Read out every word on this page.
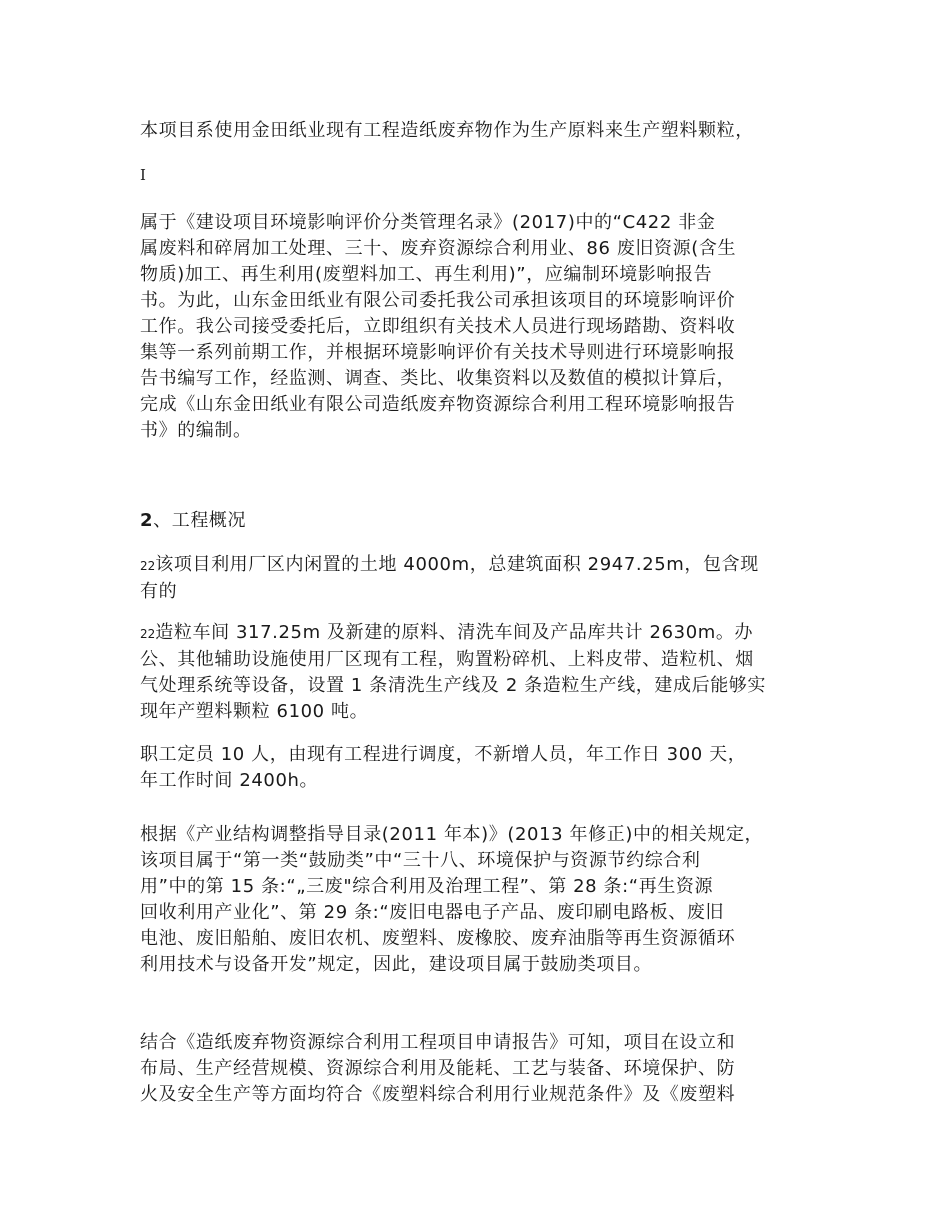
本项目系使用金田纸业现有工程造纸废弃物作为生产原料来生产塑料颗粒，
I
属于《建设项目环境影响评价分类管理名录》(2017)中的“C422 非金
属废料和碎屑加工处理、三十、废弃资源综合利用业、86 废旧资源(含生
物质)加工、再生利用(废塑料加工、再生利用)”，应编制环境影响报告
书。为此，山东金田纸业有限公司委托我公司承担该项目的环境影响评价
工作。我公司接受委托后，立即组织有关技术人员进行现场踏勘、资料收
集等一系列前期工作，并根据环境影响评价有关技术导则进行环境影响报
告书编写工作，经监测、调查、类比、收集资料以及数值的模拟计算后，
完成《山东金田纸业有限公司造纸废弃物资源综合利用工程环境影响报告
书》的编制。
2、工程概况
22该项目利用厂区内闲置的土地 4000m，总建筑面积 2947.25m，包含现
有的
22造粒车间 317.25m 及新建的原料、清洗车间及产品库共计 2630m。办
公、其他辅助设施使用厂区现有工程，购置粉碎机、上料皮带、造粒机、烟
气处理系统等设备，设置 1 条清洗生产线及 2 条造粒生产线，建成后能够实
现年产塑料颗粒 6100 吨。
职工定员 10 人，由现有工程进行调度，不新增人员，年工作日 300 天，
年工作时间 2400h。
根据《产业结构调整指导目录(2011 年本)》(2013 年修正)中的相关规定，
该项目属于“第一类“鼓励类”中“三十八、环境保护与资源节约综合利
用”中的第 15 条:“„三废"综合利用及治理工程”、第 28 条:“再生资源
回收利用产业化”、第 29 条:“废旧电器电子产品、废印刷电路板、废旧
电池、废旧船舶、废旧农机、废塑料、废橡胶、废弃油脂等再生资源循环
利用技术与设备开发”规定，因此，建设项目属于鼓励类项目。
结合《造纸废弃物资源综合利用工程项目申请报告》可知，项目在设立和
布局、生产经营规模、资源综合利用及能耗、工艺与装备、环境保护、防
火及安全生产等方面均符合《废塑料综合利用行业规范条件》及《废塑料
